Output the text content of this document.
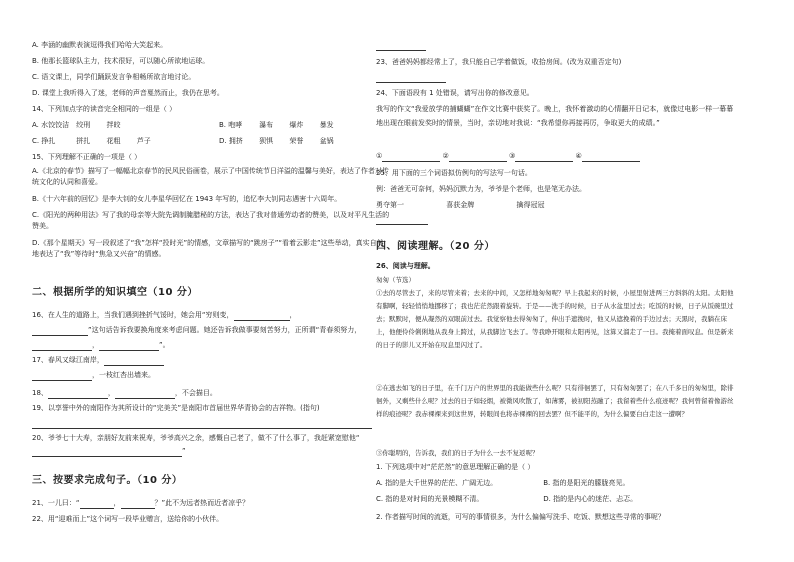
A. 李涵的幽默表演逗得我们哈哈大笑起来。
B. 他那长篮球队主力，技术很好，可以随心所欲地运球。
C. 语文课上，同学们踊跃发言争相畅所欲言地讨论。
D. 课堂上我听得入了迷，老师的声音戛然而止，我仍在思考。
14、下列加点字的读音完全相同的一组是（ ）
A. 水饺饺洁 绞刑 拌皎	B. 咆哮 瀑布 爆炸 暴发
C. 挣扎	拼扎 花粗 芦子	D. 拥挤 狈惧 荣誉 盆锅
15、下列理解不正确的一项是（ ）
A.《北京的春节》描写了一幅幅北京春节的民风民俗画卷，展示了中国传统节日洋溢的温馨与美好，表达了作者对传统文化的认同和喜爱。
B.《十六年前的回忆》是李大钊的女儿李星华回忆在 1943 年写的，追忆李大钊同志遇害十六周年。
C.《阳光的两种用法》写了我的母亲等大院先调制腌腊秘的方法，表达了我对普通劳动者的赞美，以及对平凡生活的赞美。
D.《那个星期天》写一段叙述了“我”怎样“投时光”的情感，文章描写的“跳房子”“看着云影走”这些举动，真实自然地表达了“我”等待时“焦急又兴奋”的情感。
二、根据所学的知识填空（10 分）
16、在人生的道路上，当我们遇到挫折气馁时，她会用“穷则变，	，
”这句话告诉我要换角度来考虑问题。她还告诉我做事要刻苦努力，正所谓“青春须努力，
，	”。
17、春风又绿江南岸，
，一枝红杏出墙来。
18、	，	，不会描目。
19、以享誉中外的南阳作为其所设计的“完美关”是南阳市首届世界华青协会的吉祥物。(指句)
20、爷爷七十大寿，亲朋好友前来祝寿，爷爷高兴之余，感慨自己老了，做不了什么事了，我赶紧宽慰他“
”
三、按要求完成句子。（10 分）
21、一儿曰：“	，	？”此不为远者热而近者凉乎？
22、用“迎难而上”这个词写一段毕业赠言，送给你的小伙伴。
23、爸爸妈妈都经常上了，我只能自己学着做饭，收拾房间。(改为双重否定句)
24、下面语段有 1 处错误，请写出你的修改意见。
我写的作文“我爱放学的捕蝴蝴”在作文比赛中获奖了。晚上，我怀着激动的心情翻开日记本，就像过电影一样一幕幕地出现在眼前发奖时的情景，当时，亲切地对我说：“我希望你再接再厉，争取更大的成绩。”
①	②	③	④
25、用下面的三个词语拟仿例句的写法写一句话。
例：爸爸无可奈何，妈妈沉默力为，爷爷是个老师，也是笔无办法。
勇夺第一	喜获金牌	擒得冠冠
四、阅读理解。（20 分）
26、阅读与理解。
匆匆（节选）
①去的尽管去了，来的尽管来着；去来的中间，又怎样地匆匆呢？早上我起来的时候，小屋里射进两三方斜斜的太阳。太阳他有脚啊，轻轻悄悄地挪移了；我也茫茫然跟着旋转。于是——洗手的时候，日子从水盆里过去；吃饭的时候，日子从饭碗里过去；默默时，便从凝然的双眼前过去。我觉察他去得匆匆了，伸出手遮挽时，他又从遮挽着的手边过去；天黑时，我躺在床上，他便伶伶俐俐地从我身上跨过，从我脚边飞去了。等我睁开眼和太阳再见，这算又溜走了一日。我掩着面叹息。但是新来的日子的影儿又开始在叹息里闪过了。
②在逃去如飞的日子里，在千门万户的世界里的我能做些什么呢？只有徘徊罢了，只有匆匆罢了；在八千多日的匆匆里，除徘徊外，又剩些什么呢？过去的日子如轻烟，被微风吹散了，如薄雾，被初阳蒸融了；我留着些什么痕迹呢？我何曾留着像游丝样的痕迹呢？我赤裸裸来到这世界，转眼间也将赤裸裸的回去罢？但不能平的，为什么偏要白白走这一遭啊？
③你聪明的，告诉我，我们的日子为什么一去不复返呢？
1. 下列选项中对“茫茫然”的意思理解正确的是（ ）
A. 指的是大千世界的茫茫、广阔无边。	B. 指的是阳光的朦胧亮见。
C. 指的是对时间的光景模糊不清。	D. 指的是内心的迷茫、忐忑。
2. 作者描写时间的流逝，可写的事情很多，为什么偏偏写洗手、吃饭、默想这些寻常的事呢？
